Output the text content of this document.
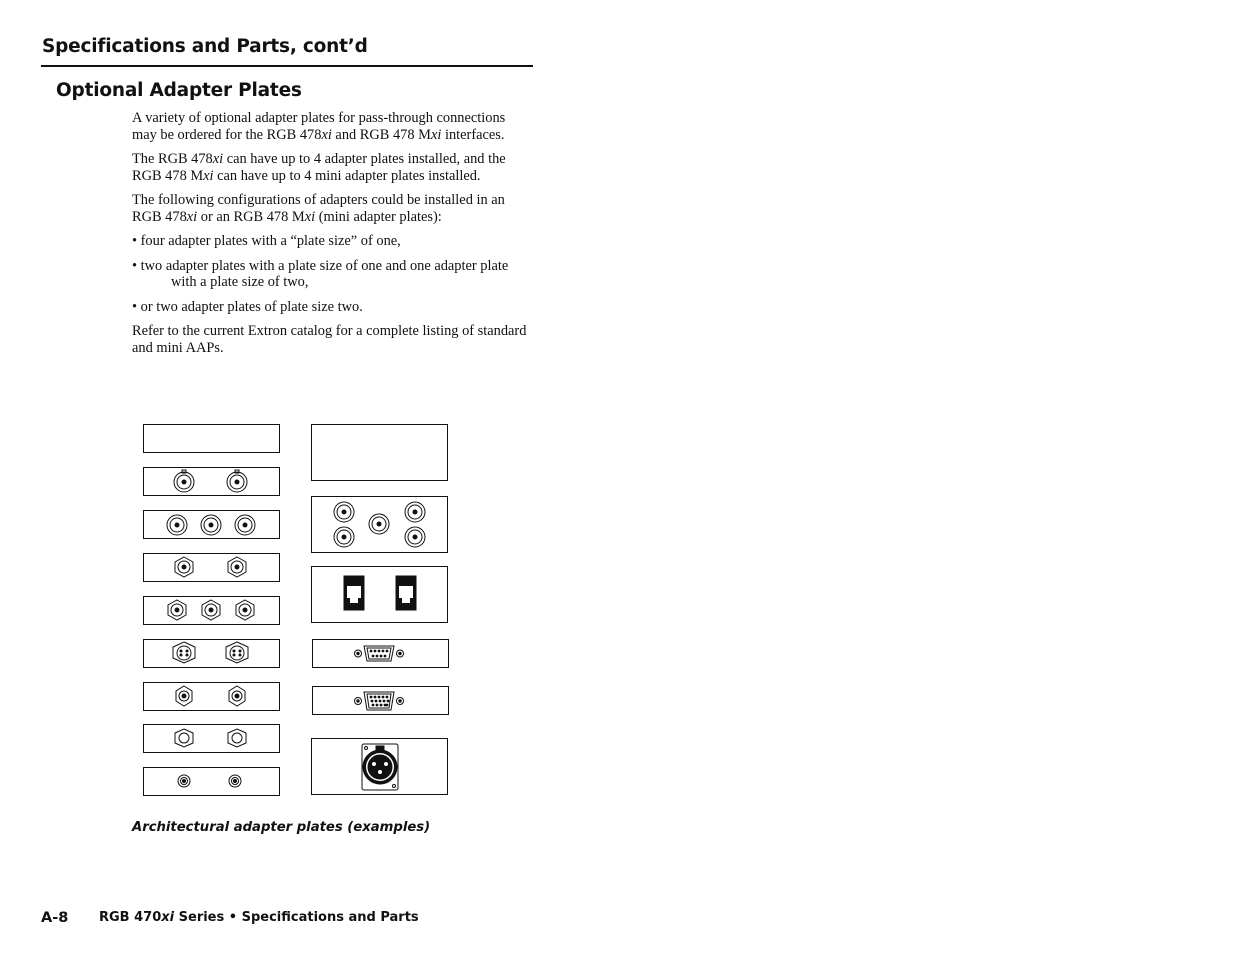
Specifications and Parts, cont’d
Optional Adapter Plates

A variety of optional adapter plates for pass-through connections may be ordered for the RGB 478xi and RGB 478 Mxi interfaces.

The RGB 478xi can have up to 4 adapter plates installed, and the RGB 478 Mxi can have up to 4 mini adapter plates installed.

The following configurations of adapters could be installed in an RGB 478xi or an RGB 478 Mxi (mini adapter plates):

• four adapter plates with a “plate size” of one,

• two adapter plates with a plate size of one and one adapter plate with a plate size of two,

• or two adapter plates of plate size two.

Refer to the current Extron catalog for a complete listing of standard and mini AAPs.

Architectural adapter plates (examples)
A-8 RGB 470xi Series • Specifications and Parts
